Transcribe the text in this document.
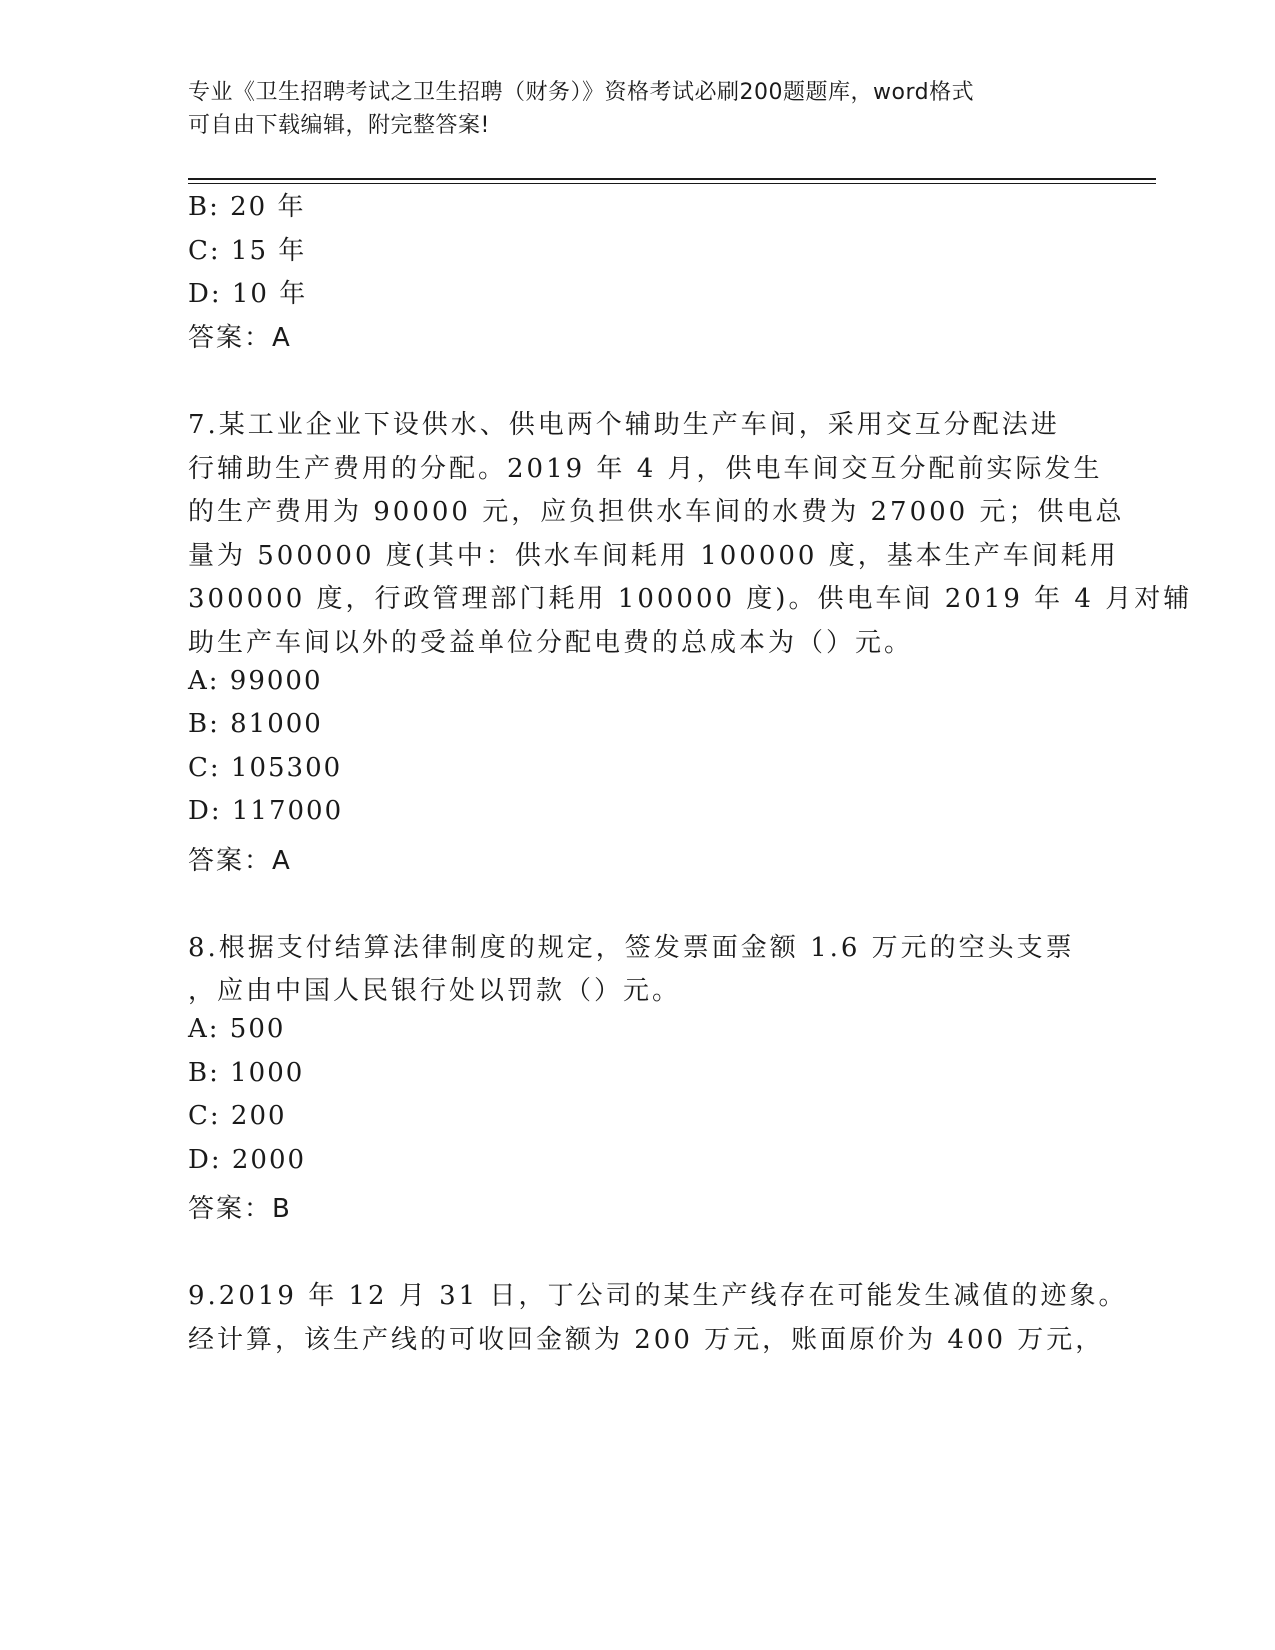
专业《卫生招聘考试之卫生招聘（财务）》资格考试必刷200题题库，word格式
可自由下载编辑，附完整答案!
B: 20 年
C: 15 年
D: 10 年
答案：A
7.某工业企业下设供水、供电两个辅助生产车间，采用交互分配法进
行辅助生产费用的分配。2019 年 4 月，供电车间交互分配前实际发生
的生产费用为 90000 元，应负担供水车间的水费为 27000 元；供电总
量为 500000 度(其中：供水车间耗用 100000 度，基本生产车间耗用
300000 度，行政管理部门耗用 100000 度)。供电车间 2019 年 4 月对辅
助生产车间以外的受益单位分配电费的总成本为（）元。
A: 99000
B: 81000
C: 105300
D: 117000
答案：A
8.根据支付结算法律制度的规定，签发票面金额 1.6 万元的空头支票
，应由中国人民银行处以罚款（）元。
A: 500
B: 1000
C: 200
D: 2000
答案：B
9.2019 年 12 月 31 日，丁公司的某生产线存在可能发生减值的迹象。
经计算，该生产线的可收回金额为 200 万元，账面原价为 400 万元，
